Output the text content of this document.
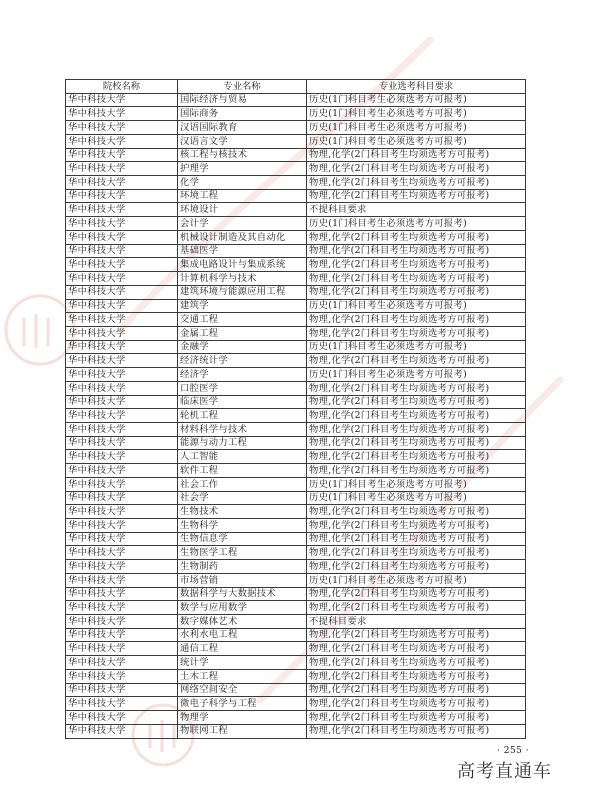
院校名称	专业名称	专业选考科目要求
华中科技大学	国际经济与贸易	历史(1门科目考生必须选考方可报考)
华中科技大学	国际商务	历史(1门科目考生必须选考方可报考)
华中科技大学	汉语国际教育	历史(1门科目考生必须选考方可报考)
华中科技大学	汉语言文学	历史(1门科目考生必须选考方可报考)
华中科技大学	核工程与核技术	物理,化学(2门科目考生均须选考方可报考)
华中科技大学	护理学	物理,化学(2门科目考生均须选考方可报考)
华中科技大学	化学	物理,化学(2门科目考生均须选考方可报考)
华中科技大学	环境工程	物理,化学(2门科目考生均须选考方可报考)
华中科技大学	环境设计	不提科目要求
华中科技大学	会计学	历史(1门科目考生必须选考方可报考)
华中科技大学	机械设计制造及其自动化	物理,化学(2门科目考生均须选考方可报考)
华中科技大学	基础医学	物理,化学(2门科目考生均须选考方可报考)
华中科技大学	集成电路设计与集成系统	物理,化学(2门科目考生均须选考方可报考)
华中科技大学	计算机科学与技术	物理,化学(2门科目考生均须选考方可报考)
华中科技大学	建筑环境与能源应用工程	物理,化学(2门科目考生均须选考方可报考)
华中科技大学	建筑学	历史(1门科目考生必须选考方可报考)
华中科技大学	交通工程	物理,化学(2门科目考生均须选考方可报考)
华中科技大学	金属工程	物理,化学(2门科目考生均须选考方可报考)
华中科技大学	金融学	历史(1门科目考生必须选考方可报考)
华中科技大学	经济统计学	物理,化学(2门科目考生均须选考方可报考)
华中科技大学	经济学	历史(1门科目考生必须选考方可报考)
华中科技大学	口腔医学	物理,化学(2门科目考生均须选考方可报考)
华中科技大学	临床医学	物理,化学(2门科目考生均须选考方可报考)
华中科技大学	轮机工程	物理,化学(2门科目考生均须选考方可报考)
华中科技大学	材料科学与技术	物理,化学(2门科目考生均须选考方可报考)
华中科技大学	能源与动力工程	物理,化学(2门科目考生均须选考方可报考)
华中科技大学	人工智能	物理,化学(2门科目考生均须选考方可报考)
华中科技大学	软件工程	物理,化学(2门科目考生均须选考方可报考)
华中科技大学	社会工作	历史(1门科目考生必须选考方可报考)
华中科技大学	社会学	历史(1门科目考生必须选考方可报考)
华中科技大学	生物技术	物理,化学(2门科目考生均须选考方可报考)
华中科技大学	生物科学	物理,化学(2门科目考生均须选考方可报考)
华中科技大学	生物信息学	物理,化学(2门科目考生均须选考方可报考)
华中科技大学	生物医学工程	物理,化学(2门科目考生均须选考方可报考)
华中科技大学	生物制药	物理,化学(2门科目考生均须选考方可报考)
华中科技大学	市场营销	历史(1门科目考生必须选考方可报考)
华中科技大学	数据科学与大数据技术	物理,化学(2门科目考生均须选考方可报考)
华中科技大学	数学与应用数学	物理,化学(2门科目考生均须选考方可报考)
华中科技大学	数字媒体艺术	不提科目要求
华中科技大学	水利水电工程	物理,化学(2门科目考生均须选考方可报考)
华中科技大学	通信工程	物理,化学(2门科目考生均须选考方可报考)
华中科技大学	统计学	物理,化学(2门科目考生均须选考方可报考)
华中科技大学	土木工程	物理,化学(2门科目考生均须选考方可报考)
华中科技大学	网络空间安全	物理,化学(2门科目考生均须选考方可报考)
华中科技大学	微电子科学与工程	物理,化学(2门科目考生均须选考方可报考)
华中科技大学	物理学	物理,化学(2门科目考生均须选考方可报考)
华中科技大学	物联网工程	物理,化学(2门科目考生均须选考方可报考)
· 255 ·
高考直通车
